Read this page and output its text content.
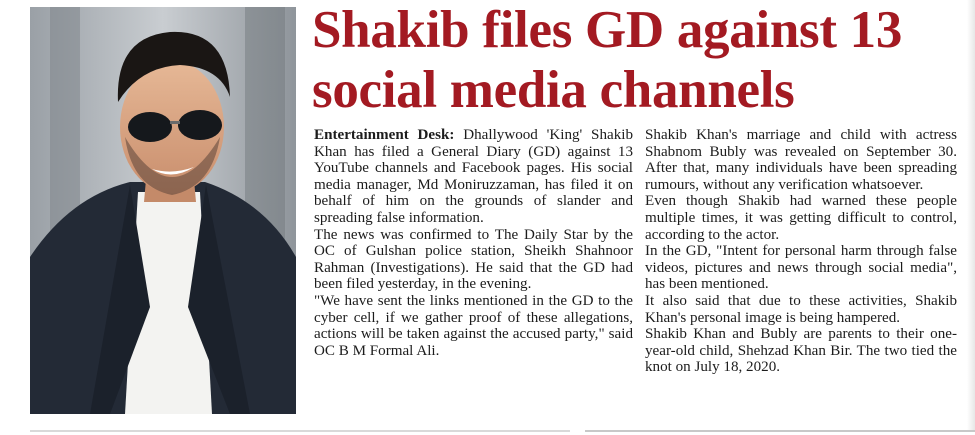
Shakib files GD against 13
social media channels

Entertainment Desk: Dhallywood 'King' Shakib Khan has filed a General Diary (GD) against 13 YouTube channels and Facebook pages. His social media manager, Md Moniruzzaman, has filed it on behalf of him on the grounds of slander and spreading false information.

The news was confirmed to The Daily Star by the OC of Gulshan police station, Sheikh Shahnoor Rahman (Investigations). He said that the GD had been filed yesterday, in the evening.

"We have sent the links mentioned in the GD to the cyber cell, if we gather proof of these allegations, actions will be taken against the accused party," said OC B M Formal Ali.

Shakib Khan's marriage and child with actress Shabnom Bubly was revealed on September 30. After that, many individuals have been spreading rumours, without any verification whatsoever.

Even though Shakib had warned these people multiple times, it was getting difficult to control, according to the actor.

In the GD, "Intent for personal harm through false videos, pictures and news through social media", has been mentioned.

It also said that due to these activities, Shakib Khan's personal image is being hampered.

Shakib Khan and Bubly are parents to their one-year-old child, Shehzad Khan Bir. The two tied the knot on July 18, 2020.
